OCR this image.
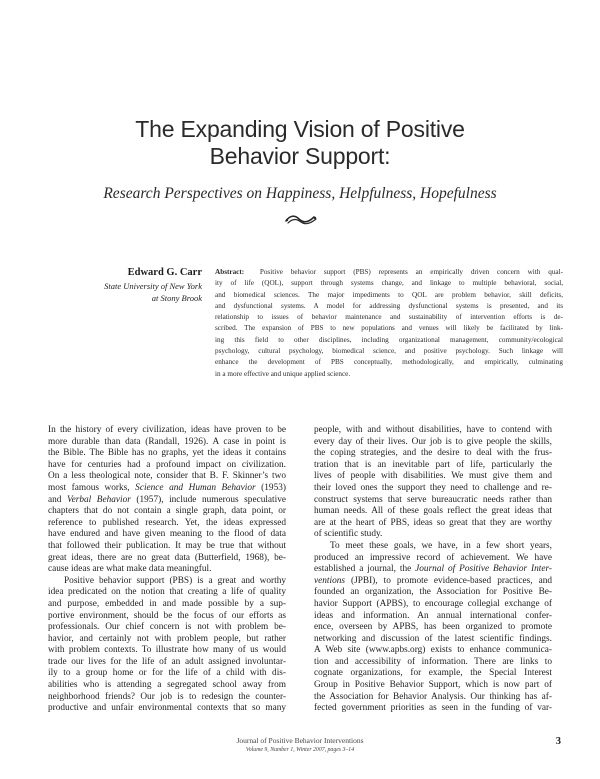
The Expanding Vision of Positive
Behavior Support:
Research Perspectives on Happiness, Helpfulness, Hopefulness
Edward G. Carr
State University of New York
at Stony Brook
Abstract: Positive behavior support (PBS) represents an empirically driven concern with qual-
ity of life (QOL), support through systems change, and linkage to multiple behavioral, social,
and biomedical sciences. The major impediments to QOL are problem behavior, skill deficits,
and dysfunctional systems. A model for addressing dysfunctional systems is presented, and its
relationship to issues of behavior maintenance and sustainability of intervention efforts is de-
scribed. The expansion of PBS to new populations and venues will likely be facilitated by link-
ing this field to other disciplines, including organizational management, community/ecological
psychology, cultural psychology, biomedical science, and positive psychology. Such linkage will
enhance the development of PBS conceptually, methodologically, and empirically, culminating
in a more effective and unique applied science.
In the history of every civilization, ideas have proven to be
more durable than data (Randall, 1926). A case in point is
the Bible. The Bible has no graphs, yet the ideas it contains
have for centuries had a profound impact on civilization.
On a less theological note, consider that B. F. Skinner’s two
most famous works, Science and Human Behavior (1953)
and Verbal Behavior (1957), include numerous speculative
chapters that do not contain a single graph, data point, or
reference to published research. Yet, the ideas expressed
have endured and have given meaning to the flood of data
that followed their publication. It may be true that without
great ideas, there are no great data (Butterfield, 1968), be-
cause ideas are what make data meaningful.
Positive behavior support (PBS) is a great and worthy
idea predicated on the notion that creating a life of quality
and purpose, embedded in and made possible by a sup-
portive environment, should be the focus of our efforts as
professionals. Our chief concern is not with problem be-
havior, and certainly not with problem people, but rather
with problem contexts. To illustrate how many of us would
trade our lives for the life of an adult assigned involuntar-
ily to a group home or for the life of a child with dis-
abilities who is attending a segregated school away from
neighborhood friends? Our job is to redesign the counter-
productive and unfair environmental contexts that so many
people, with and without disabilities, have to contend with
every day of their lives. Our job is to give people the skills,
the coping strategies, and the desire to deal with the frus-
tration that is an inevitable part of life, particularly the
lives of people with disabilities. We must give them and
their loved ones the support they need to challenge and re-
construct systems that serve bureaucratic needs rather than
human needs. All of these goals reflect the great ideas that
are at the heart of PBS, ideas so great that they are worthy
of scientific study.
To meet these goals, we have, in a few short years,
produced an impressive record of achievement. We have
established a journal, the Journal of Positive Behavior Inter-
ventions (JPBI), to promote evidence-based practices, and
founded an organization, the Association for Positive Be-
havior Support (APBS), to encourage collegial exchange of
ideas and information. An annual international confer-
ence, overseen by APBS, has been organized to promote
networking and discussion of the latest scientific findings.
A Web site (www.apbs.org) exists to enhance communica-
tion and accessibility of information. There are links to
cognate organizations, for example, the Special Interest
Group in Positive Behavior Support, which is now part of
the Association for Behavior Analysis. Our thinking has af-
fected government priorities as seen in the funding of var-
Journal of Positive Behavior Interventions
Volume 9, Number 1, Winter 2007, pages 3–14
3
